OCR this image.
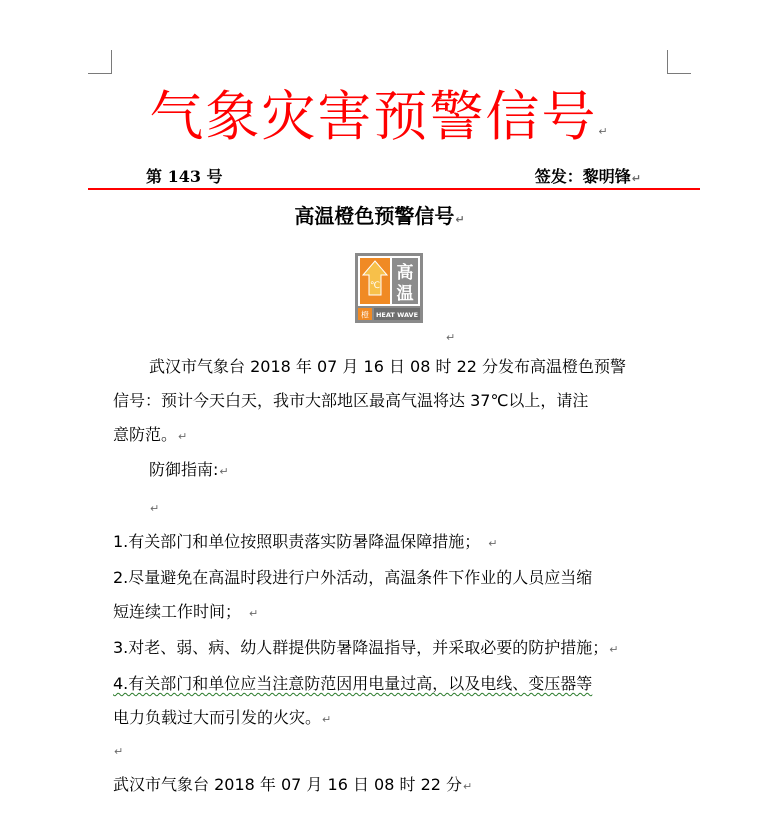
气象灾害预警信号↵
第 143 号	签发：黎明锋↵
高温橙色预警信号↵
℃
高
温
橙 HEAT WAVE
↵
武汉市气象台 2018 年 07 月 16 日 08 时 22 分发布高温橙色预警
信号：预计今天白天，我市大部地区最高气温将达 37℃以上，请注
意防范。↵
防御指南:↵
↵
1.有关部门和单位按照职责落实防暑降温保障措施； ↵
2.尽量避免在高温时段进行户外活动，高温条件下作业的人员应当缩
短连续工作时间； ↵
3.对老、弱、病、幼人群提供防暑降温指导，并采取必要的防护措施；↵
4.有关部门和单位应当注意防范因用电量过高，以及电线、变压器等
电力负载过大而引发的火灾。↵
↵
武汉市气象台 2018 年 07 月 16 日 08 时 22 分↵
